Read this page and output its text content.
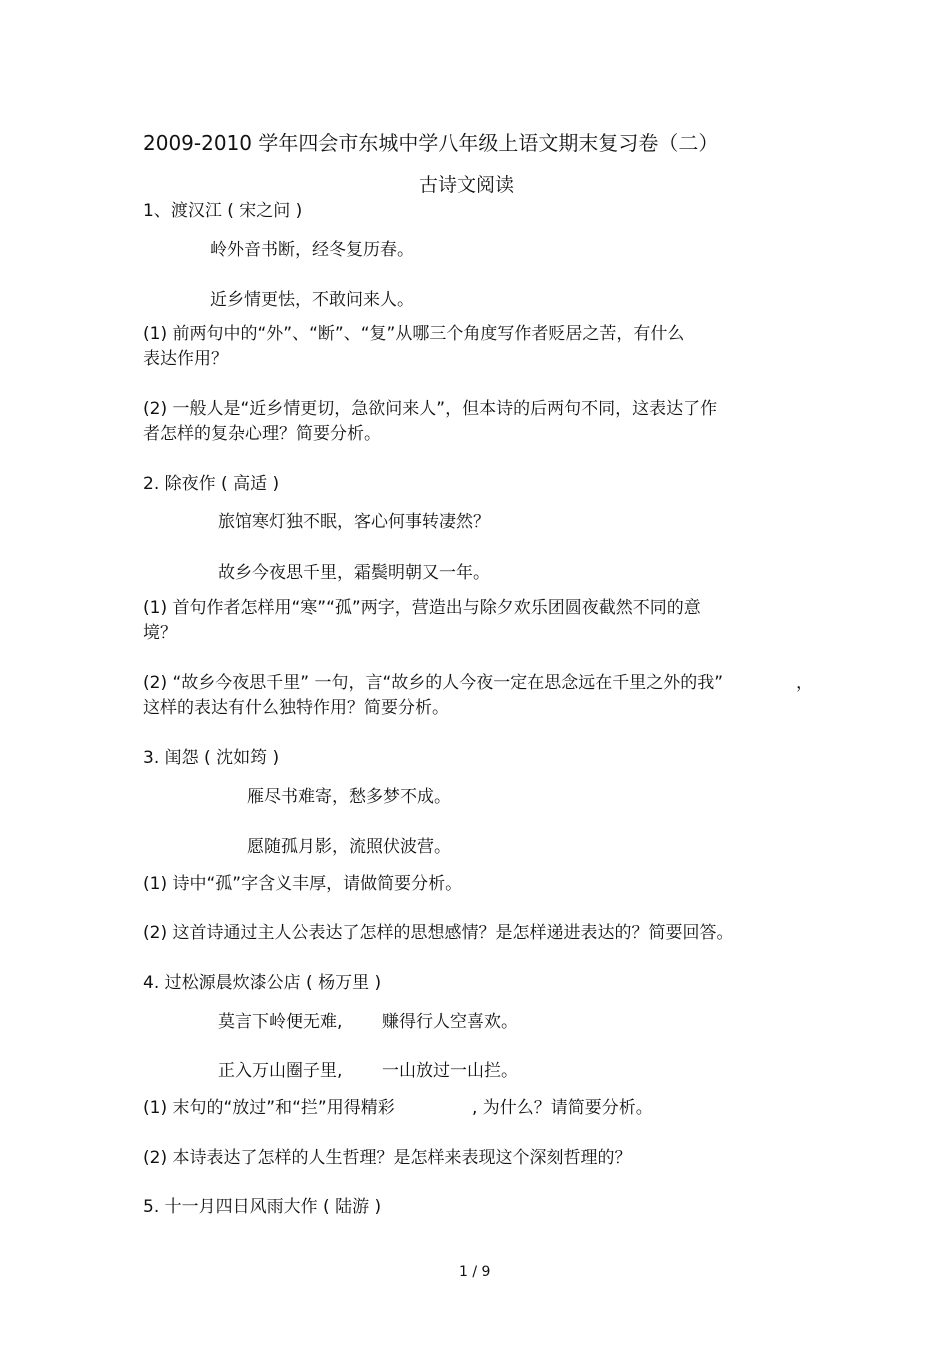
2009-2010 学年四会市东城中学八年级上语文期末复习卷（二）
古诗文阅读
1、渡汉江 ( 宋之问 )
岭外音书断，经冬复历春。
近乡情更怯，不敢问来人。
(1) 前两句中的“外”、“断”、“复”从哪三个角度写作者贬居之苦，有什么
表达作用？
(2) 一般人是“近乡情更切，急欲问来人”，但本诗的后两句不同，这表达了作
者怎样的复杂心理？简要分析。
2. 除夜作 ( 高适 )
旅馆寒灯独不眠，客心何事转凄然？
故乡今夜思千里，霜鬓明朝又一年。
(1) 首句作者怎样用“寒”“孤”两字，营造出与除夕欢乐团圆夜截然不同的意
境？
(2) “故乡今夜思千里” 一句，言“故乡的人今夜一定在思念远在千里之外的我”	，
这样的表达有什么独特作用？简要分析。
3. 闺怨 ( 沈如筠 )
雁尽书难寄，愁多梦不成。
愿随孤月影，流照伏波营。
(1) 诗中“孤”字含义丰厚，请做简要分析。
(2) 这首诗通过主人公表达了怎样的思想感情？是怎样递进表达的？简要回答。
4. 过松源晨炊漆公店 ( 杨万里 )
莫言下岭便无难, 赚得行人空喜欢。
正入万山圈子里, 一山放过一山拦。
(1) 末句的“放过”和“拦”用得精彩	, 为什么？请简要分析。
(2) 本诗表达了怎样的人生哲理？是怎样来表现这个深刻哲理的？
5. 十一月四日风雨大作 ( 陆游 )
1 / 9
